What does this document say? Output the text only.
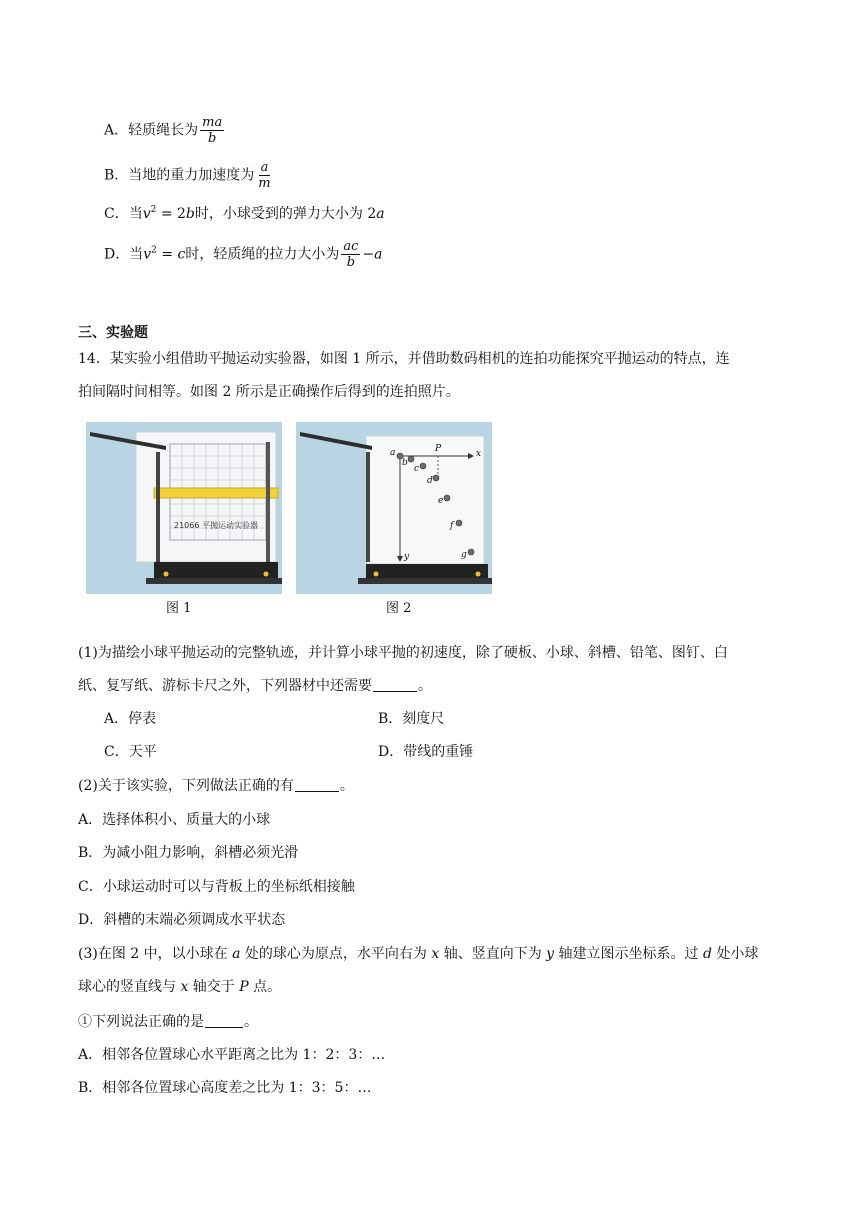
A．轻质绳长为 $\frac{ma}{b}$
B．当地的重力加速度为 $\frac{a}{m}$
C．当$v^2 = 2b$时，小球受到的弹力大小为 2a
D．当$v^2 = c$时，轻质绳的拉力大小为 $\frac{ac}{b} -a$
三、实验题
14．某实验小组借助平抛运动实验器，如图 1 所示，并借助数码相机的连拍功能探究平抛运动的特点，连
拍间隔时间相等。如图 2 所示是正确操作后得到的连拍照片。
21066 平抛运动实验器
图 1
a
b
c
d
e
f
g
P	x
y
图 2
(1)为描绘小球平抛运动的完整轨迹，并计算小球平抛的初速度，除了硬板、小球、斜槽、铅笔、图钉、白
纸、复写纸、游标卡尺之外，下列器材中还需要	。
A．停表	B．刻度尺
C．天平	D．带线的重锤
(2)关于该实验，下列做法正确的有	。
A．选择体积小、质量大的小球
B．为减小阻力影响，斜槽必须光滑
C．小球运动时可以与背板上的坐标纸相接触
D．斜槽的末端必须调成水平状态
(3)在图 2 中，以小球在 a 处的球心为原点，水平向右为 x 轴、竖直向下为 y 轴建立图示坐标系。过 d 处小球
球心的竖直线与 x 轴交于 P 点。
①下列说法正确的是	。
A．相邻各位置球心水平距离之比为 1：2：3：…
B．相邻各位置球心高度差之比为 1：3：5：…
